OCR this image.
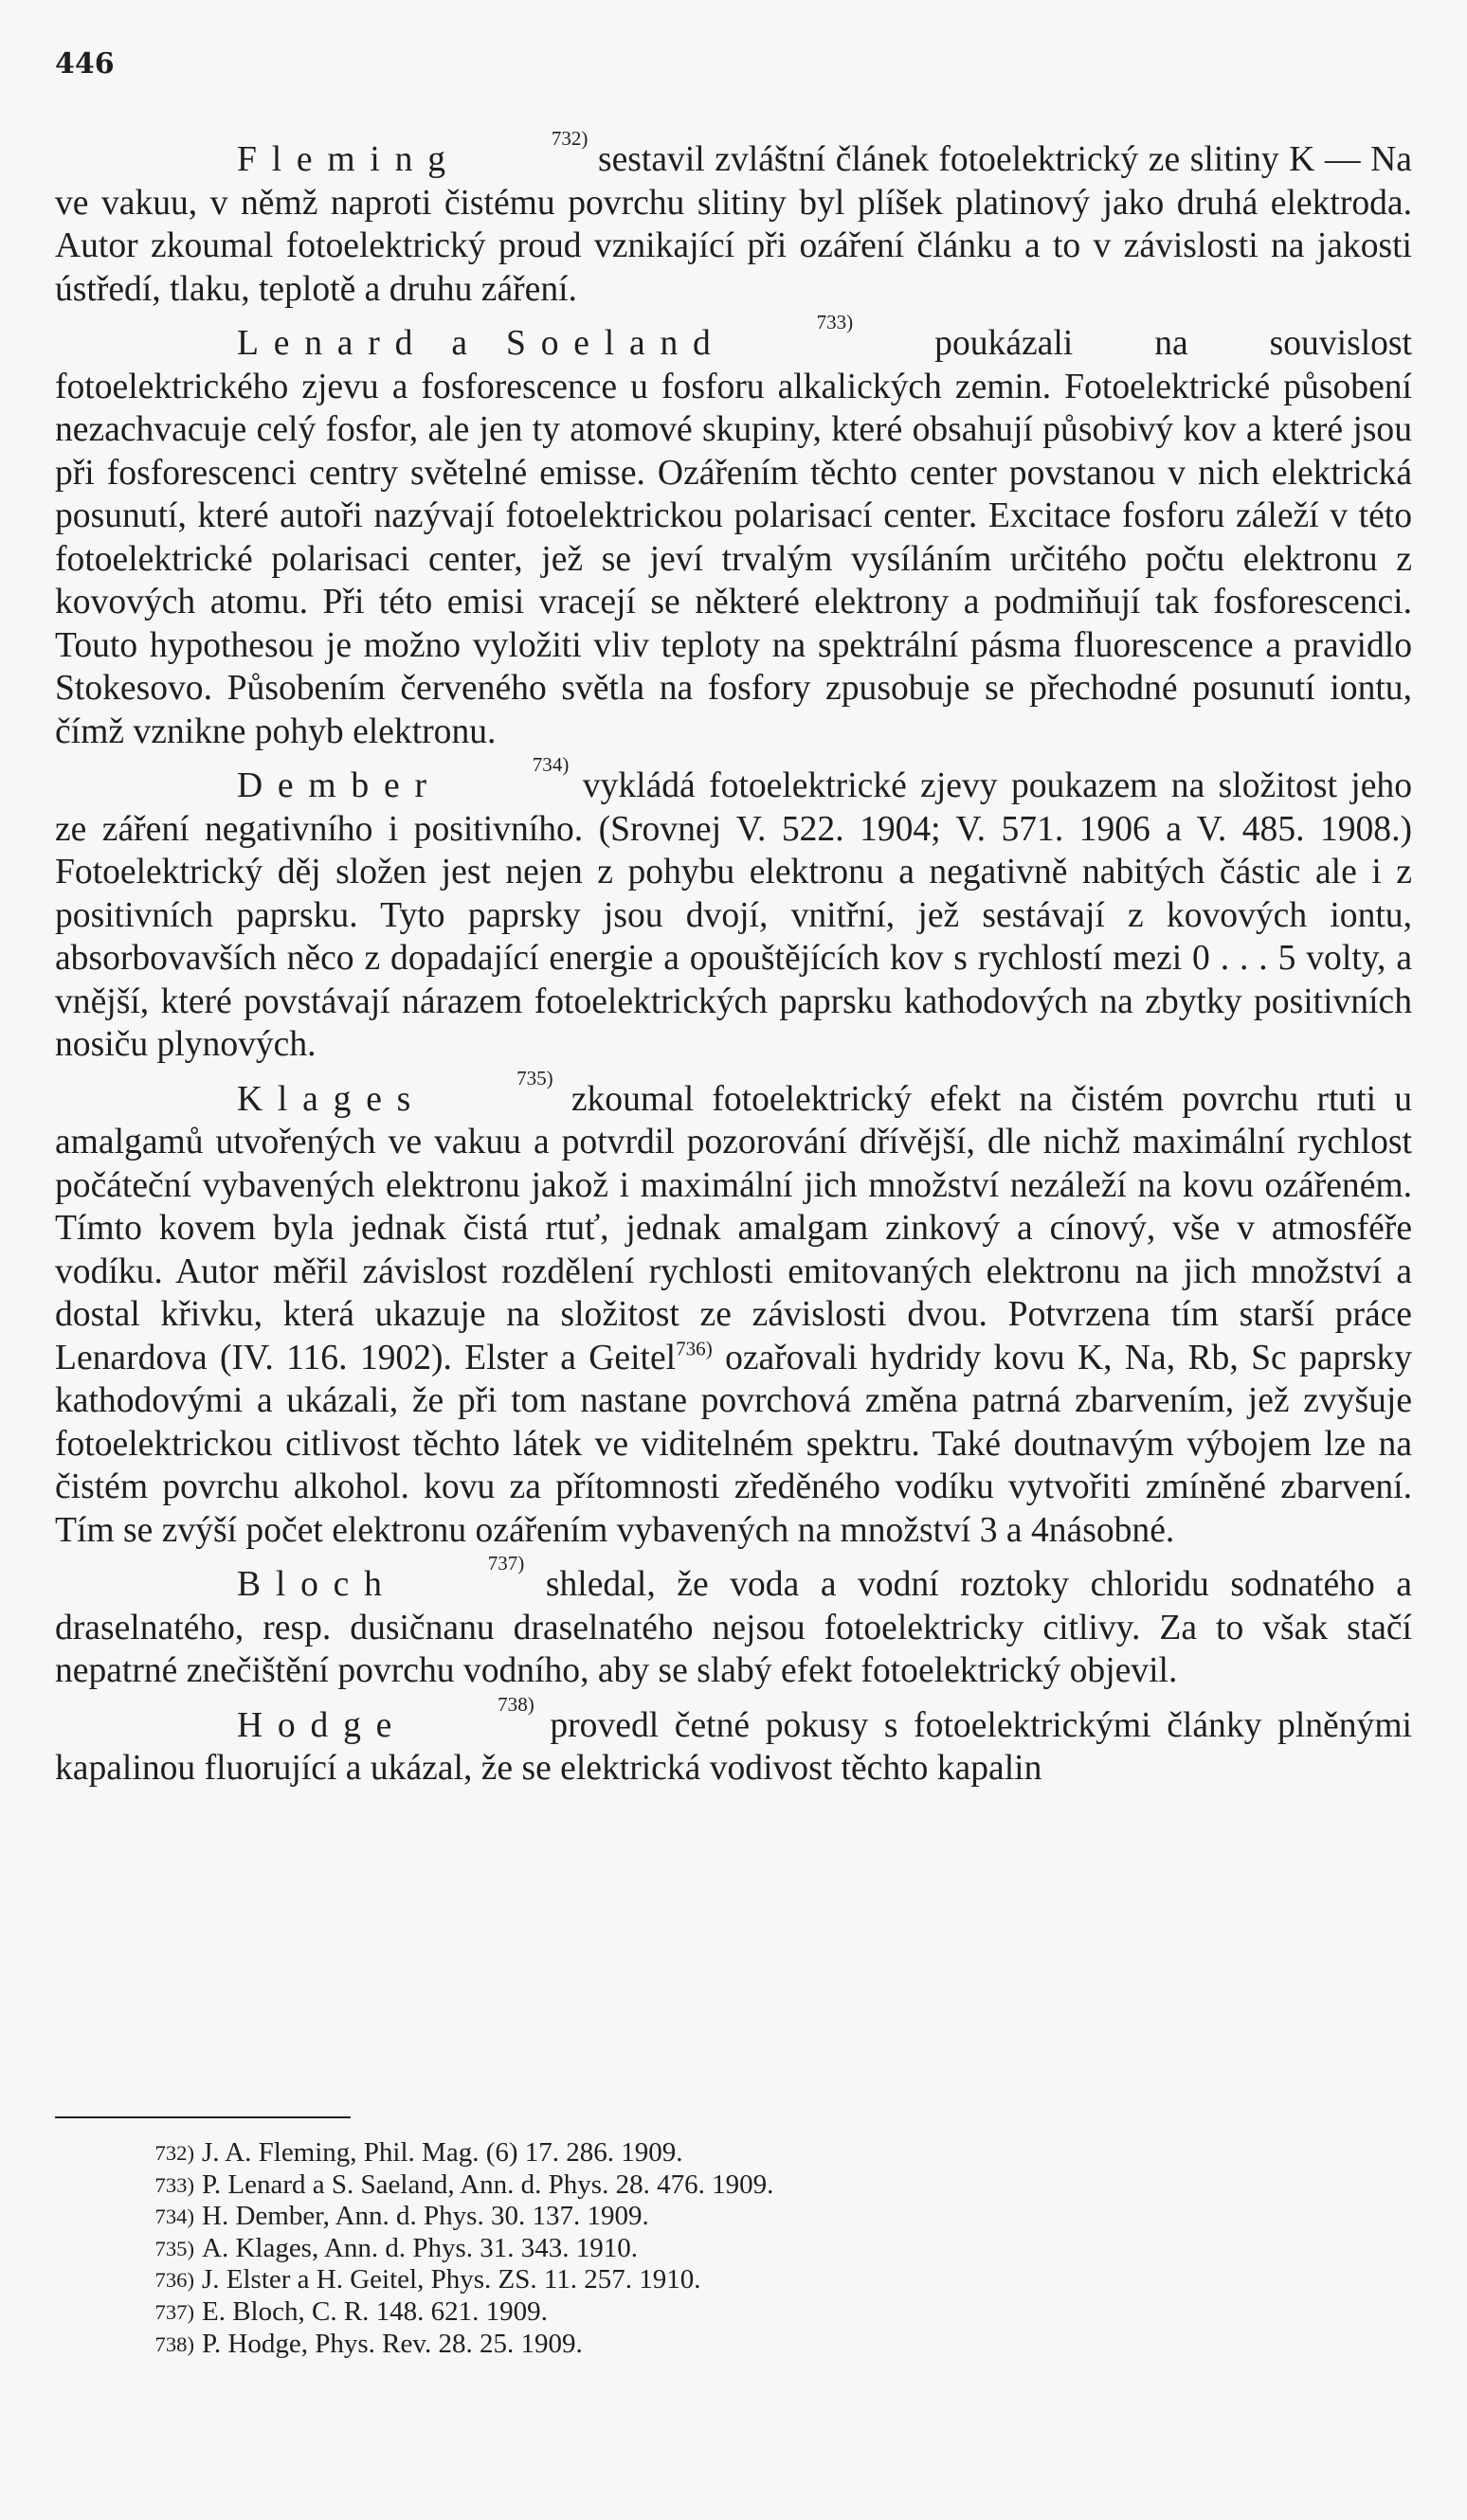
446

Fleming
732)
sestavil zvláštní článek fotoelektrický ze slitiny K — Na ve vakuu, v němž naproti čistému povrchu slitiny byl plíšek platinový jako druhá elektroda. Autor zkoumal fotoelektrický proud vznikající při ozáření článku a to v závislosti na jakosti ústředí, tlaku, teplotě a druhu záření.

Lenard a Soeland
733)
poukázali na souvislost fotoelektrického zjevu a fosforescence u fosforu alkalických zemin. Fotoelektrické působení nezachvacuje celý fosfor, ale jen ty atomové skupiny, které obsahují působivý kov a které jsou při fosforescenci centry světelné emisse. Ozářením těchto center povstanou v nich elektrická posunutí, které autoři nazývají fotoelektrickou polarisací center. Excitace fosforu záleží v této fotoelektrické polarisaci center, jež se jeví trvalým vysíláním určitého počtu elektronu z kovových atomu. Při této emisi vracejí se některé elektrony a podmiňují tak fosforescenci. Touto hypothesou je možno vyložiti vliv teploty na spektrální pásma fluorescence a pravidlo Stokesovo. Působením červeného světla na fosfory zpusobuje se přechodné posunutí iontu, čímž vznikne pohyb elektronu.

Dember
734)
vykládá fotoelektrické zjevy poukazem na složitost jeho ze záření negativního i positivního. (Srovnej V. 522. 1904; V. 571. 1906 a V. 485. 1908.) Fotoelektrický děj složen jest nejen z pohybu elektronu a negativně nabitých částic ale i z positivních paprsku. Tyto paprsky jsou dvojí, vnitřní, jež sestávají z kovových iontu, absorbovavších něco z dopadající energie a opouštějících kov s rychlostí mezi 0 . . . 5 volty, a vnější, které povstávají nárazem fotoelektrických paprsku kathodových na zbytky positivních nosiču plynových.

Klages
735)
zkoumal fotoelektrický efekt na čistém povrchu rtuti u amalgamů utvořených ve vakuu a potvrdil pozorování dřívější, dle nichž maximální rychlost počáteční vybavených elektronu jakož i maximální jich množství nezáleží na kovu ozářeném. Tímto kovem byla jednak čistá rtuť, jednak amalgam zinkový a cínový, vše v atmosféře vodíku. Autor měřil závislost rozdělení rychlosti emitovaných elektronu na jich množství a dostal křivku, která ukazuje na složitost ze závislosti dvou. Potvrzena tím starší práce Lenardova (IV. 116. 1902). Elster a Geitel$^{736)}$ ozařovali hydridy kovu K, Na, Rb, Sc paprsky kathodovými a ukázali, že při tom nastane povrchová změna patrná zbarvením, jež zvyšuje fotoelektrickou citlivost těchto látek ve viditelném spektru. Také doutnavým výbojem lze na čistém povrchu alkohol. kovu za přítomnosti zředěného vodíku vytvořiti zmíněné zbarvení. Tím se zvýší počet elektronu ozářením vybavených na množství 3 a 4násobné.

Bloch
737)
shledal, že voda a vodní roztoky chloridu sodnatého a draselnatého, resp. dusičnanu draselnatého nejsou fotoelektricky citlivy. Za to však stačí nepatrné znečištění povrchu vodního, aby se slabý efekt fotoelektrický objevil.

Hodge
738)
provedl četné pokusy s fotoelektrickými články plněnými kapalinou fluorující a ukázal, že se elektrická vodivost těchto kapalin

732 ) J. A. Fleming, Phil. Mag. (6) 17. 286. 1909.
733 ) P. Lenard a S. Saeland, Ann. d. Phys. 28. 476. 1909.
734 ) H. Dember, Ann. d. Phys. 30. 137. 1909.
735 ) A. Klages, Ann. d. Phys. 31. 343. 1910.
736 ) J. Elster a H. Geitel, Phys. ZS. 11. 257. 1910.
737 ) E. Bloch, C. R. 148. 621. 1909.
738 ) P. Hodge, Phys. Rev. 28. 25. 1909.
